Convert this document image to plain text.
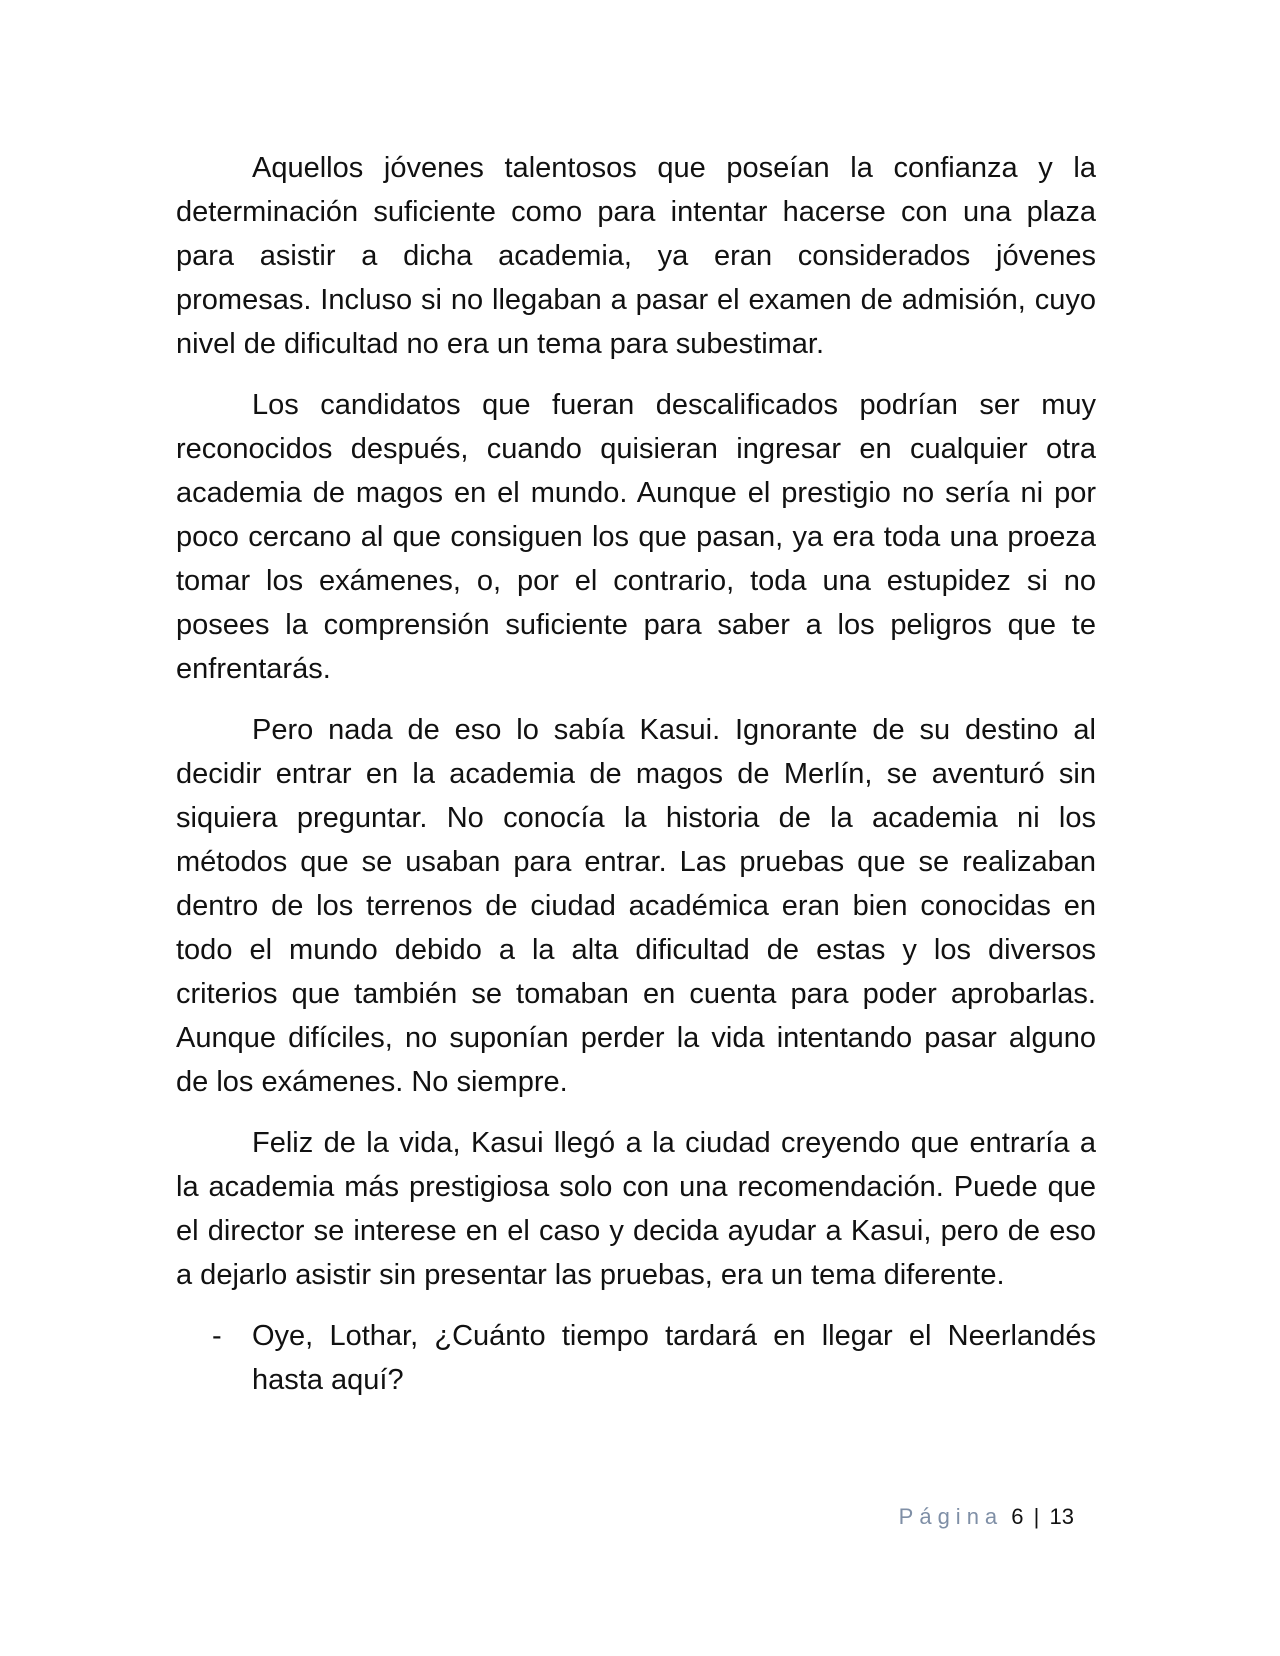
Aquellos jóvenes talentosos que poseían la confianza y la determinación suficiente como para intentar hacerse con una plaza para asistir a dicha academia, ya eran considerados jóvenes promesas. Incluso si no llegaban a pasar el examen de admisión, cuyo nivel de dificultad no era un tema para subestimar.

Los candidatos que fueran descalificados podrían ser muy reconocidos después, cuando quisieran ingresar en cualquier otra academia de magos en el mundo. Aunque el prestigio no sería ni por poco cercano al que consiguen los que pasan, ya era toda una proeza tomar los exámenes, o, por el contrario, toda una estupidez si no posees la comprensión suficiente para saber a los peligros que te enfrentarás.

Pero nada de eso lo sabía Kasui. Ignorante de su destino al decidir entrar en la academia de magos de Merlín, se aventuró sin siquiera preguntar. No conocía la historia de la academia ni los métodos que se usaban para entrar. Las pruebas que se realizaban dentro de los terrenos de ciudad académica eran bien conocidas en todo el mundo debido a la alta dificultad de estas y los diversos criterios que también se tomaban en cuenta para poder aprobarlas. Aunque difíciles, no suponían perder la vida intentando pasar alguno de los exámenes. No siempre.

Feliz de la vida, Kasui llegó a la ciudad creyendo que entraría a la academia más prestigiosa solo con una recomendación. Puede que el director se interese en el caso y decida ayudar a Kasui, pero de eso a dejarlo asistir sin presentar las pruebas, era un tema diferente.

-	Oye, Lothar, ¿Cuánto tiempo tardará en llegar el Neerlandés hasta aquí?
Página 6 | 13
